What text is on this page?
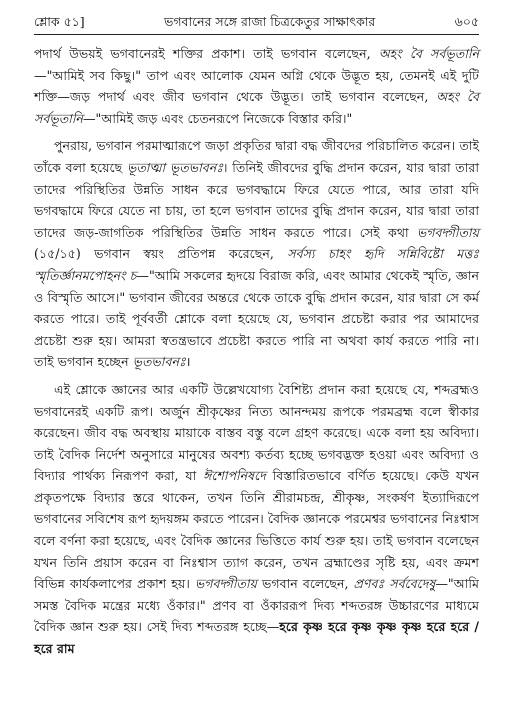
শ্লোক ৫১]	ভগবানের সঙ্গে রাজা চিত্রকেতুর সাক্ষাৎকার	৬০৫

পদার্থ উভয়ই ভগবানেরই শক্তির প্রকাশ। তাই ভগবান বলেছেন, অহং বৈ সর্বভূতানি—"আমিই সব কিছু।" তাপ এবং আলোক যেমন অগ্নি থেকে উদ্ভূত হয়, তেমনই এই দুটি শক্তি—জড় পদার্থ এবং জীব ভগবান থেকে উদ্ভূত। তাই ভগবান বলেছেন, অহং বৈ সর্বভূতানি—"আমিই জড় এবং চেতনরূপে নিজেকে বিস্তার করি।"

পুনরায়, ভগবান পরমাত্মারূপে জড়া প্রকৃতির দ্বারা বদ্ধ জীবদের পরিচালিত করেন। তাই তাঁকে বলা হয়েছে ভূতাত্মা ভূতভাবনঃ। তিনিই জীবদের বুদ্ধি প্রদান করেন, যার দ্বারা তারা তাদের পরিস্থিতির উন্নতি সাধন করে ভগবদ্ধামে ফিরে যেতে পারে, আর তারা যদি ভগবদ্ধামে ফিরে যেতে না চায়, তা হলে ভগবান তাদের বুদ্ধি প্রদান করেন, যার দ্বারা তারা তাদের জড়-জাগতিক পরিস্থিতির উন্নতি সাধন করতে পারে। সেই কথা ভগবদ্গীতায় (১৫/১৫) ভগবান স্বয়ং প্রতিপন্ন করেছেন, সর্বস্য চাহং হৃদি সন্নিবিষ্টো মত্তঃ স্মৃতির্জ্ঞানমপোহনং চ—"আমি সকলের হৃদয়ে বিরাজ করি, এবং আমার থেকেই স্মৃতি, জ্ঞান ও বিস্মৃতি আসে।" ভগবান জীবের অন্তরে থেকে তাকে বুদ্ধি প্রদান করেন, যার দ্বারা সে কর্ম করতে পারে। তাই পূর্ববর্তী শ্লোকে বলা হয়েছে যে, ভগবান প্রচেষ্টা করার পর আমাদের প্রচেষ্টা শুরু হয়। আমরা স্বতন্ত্রভাবে প্রচেষ্টা করতে পারি না অথবা কার্য করতে পারি না। তাই ভগবান হচ্ছেন ভূতভাবনঃ।

এই শ্লোকে জ্ঞানের আর একটি উল্লেখযোগ্য বৈশিষ্ট্য প্রদান করা হয়েছে যে, শব্দব্রহ্মও ভগবানেরই একটি রূপ। অর্জুন শ্রীকৃষ্ণের নিত্য আনন্দময় রূপকে পরমব্রহ্ম বলে স্বীকার করেছেন। জীব বদ্ধ অবস্থায় মায়াকে বাস্তব বস্তু বলে গ্রহণ করেছে। একে বলা হয় অবিদ্যা। তাই বৈদিক নির্দেশ অনুসারে মানুষের অবশ্য কর্তব্য হচ্ছে ভগবদ্ভক্ত হওয়া এবং অবিদ্যা ও বিদ্যার পার্থক্য নিরূপণ করা, যা ঈশোপনিষদে বিস্তারিতভাবে বর্ণিত হয়েছে। কেউ যখন প্রকৃতপক্ষে বিদ্যার স্তরে থাকেন, তখন তিনি শ্রীরামচন্দ্র, শ্রীকৃষ্ণ, সংকর্ষণ ইত্যাদিরূপে ভগবানের সবিশেষ রূপ হৃদয়ঙ্গম করতে পারেন। বৈদিক জ্ঞানকে পরমেশ্বর ভগবানের নিঃশ্বাস বলে বর্ণনা করা হয়েছে, এবং বৈদিক জ্ঞানের ভিত্তিতে কার্য শুরু হয়। তাই ভগবান বলেছেন যখন তিনি প্রয়াস করেন বা নিঃশ্বাস ত্যাগ করেন, তখন ব্রহ্মাণ্ডের সৃষ্টি হয়, এবং ক্রমশ বিভিন্ন কার্যকলাপের প্রকাশ হয়। ভগবদ্গীতায় ভগবান বলেছেন, প্রণবঃ সর্ববেদেষু—"আমি সমস্ত বৈদিক মন্ত্রের মধ্যে ওঁকার।" প্রণব বা ওঁকাররূপ দিব্য শব্দতরঙ্গ উচ্চারণের মাধ্যমে বৈদিক জ্ঞান শুরু হয়। সেই দিব্য শব্দতরঙ্গ হচ্ছে—হরে কৃষ্ণ হরে কৃষ্ণ কৃষ্ণ কৃষ্ণ হরে হরে / হরে রাম
